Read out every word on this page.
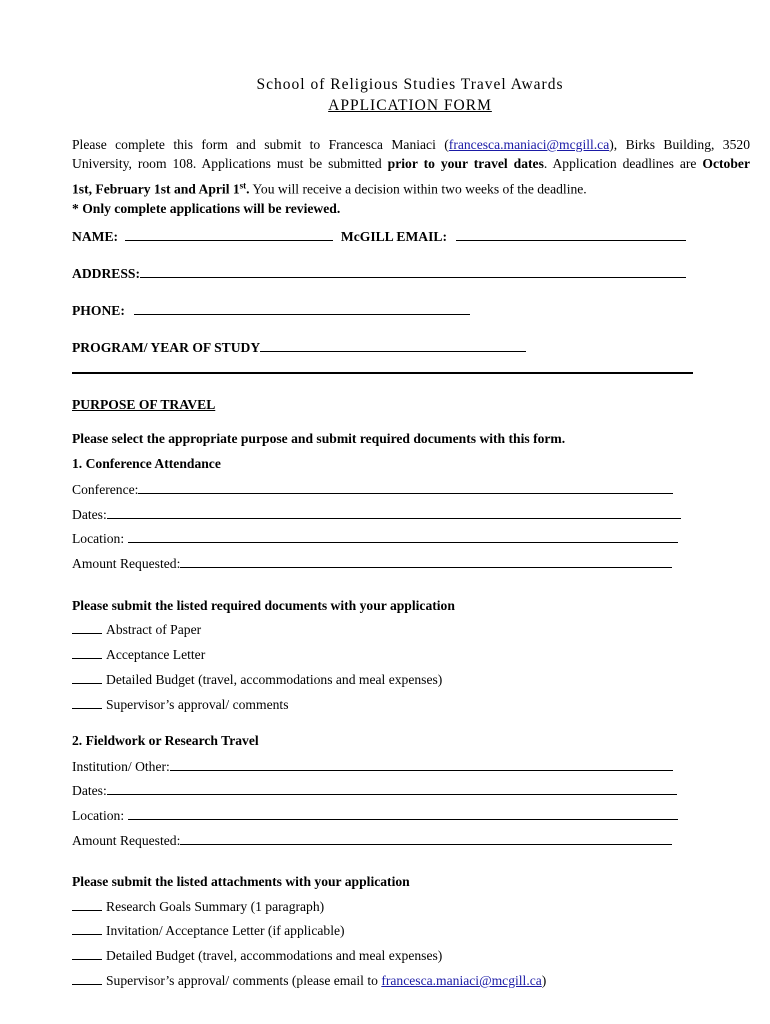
School of Religious Studies Travel Awards
APPLICATION FORM

Please complete this form and submit to Francesca Maniaci (francesca.maniaci@mcgill.ca), Birks Building, 3520

University, room 108. Applications must be submitted prior to your travel dates. Application deadlines are October

1st, February 1st and April 1st. You will receive a decision within two weeks of the deadline.

* Only complete applications will be reviewed.

NAME:	McGILL EMAIL:
ADDRESS:
PHONE:
PROGRAM/ YEAR OF STUDY
PURPOSE OF TRAVEL
Please select the appropriate purpose and submit required documents with this form.
1. Conference Attendance
Conference:
Dates:
Location:
Amount Requested:
Please submit the listed required documents with your application
Abstract of Paper
Acceptance Letter
Detailed Budget (travel, accommodations and meal expenses)
Supervisor’s approval/ comments
2. Fieldwork or Research Travel
Institution/ Other:
Dates:
Location:
Amount Requested:
Please submit the listed attachments with your application
Research Goals Summary (1 paragraph)
Invitation/ Acceptance Letter (if applicable)
Detailed Budget (travel, accommodations and meal expenses)
Supervisor’s approval/ comments (please email to francesca.maniaci@mcgill.ca)
